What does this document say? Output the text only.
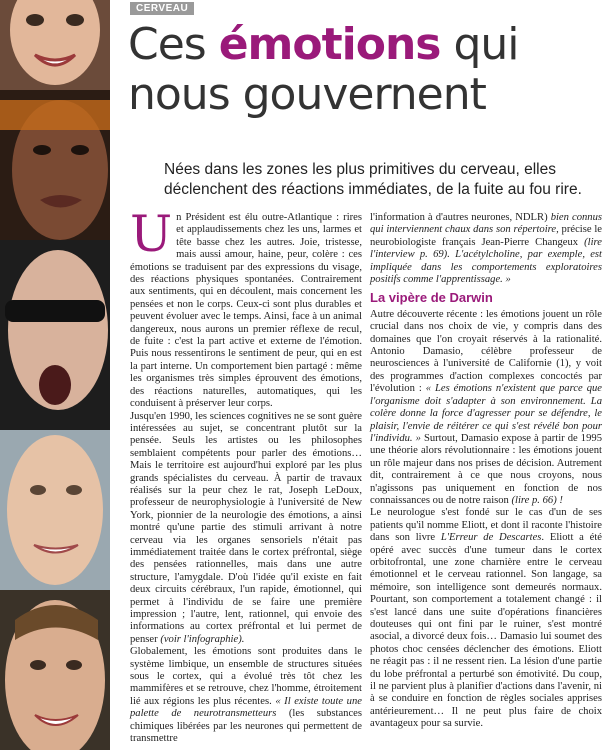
CERVEAU
Ces émotions qui nous gouvernent

Nées dans les zones les plus primitives du cerveau, elles déclenchent des réactions immédiates, de la fuite au fou rire.

Un Président est élu outre-Atlantique : rires et applaudissements chez les uns, larmes et tête basse chez les autres. Joie, tristesse, mais aussi amour, haine, peur, colère : ces émotions se traduisent par des expressions du visage, des réactions physiques spontanées. Contrairement aux sentiments, qui en découlent, mais concernent les pensées et non le corps. Ceux-ci sont plus durables et peuvent évoluer avec le temps. Ainsi, face à un animal dangereux, nous aurons un premier réflexe de recul, de fuite : c'est la part active et externe de l'émotion. Puis nous ressentirons le sentiment de peur, qui en est la part interne. Un comportement bien partagé : même les organismes très simples éprouvent des émotions, des réactions naturelles, automatiques, qui les conduisent à préserver leur corps.

Jusqu'en 1990, les sciences cognitives ne se sont guère intéressées au sujet, se concentrant plutôt sur la pensée. Seuls les artistes ou les philosophes semblaient compétents pour parler des émotions… Mais le territoire est aujourd'hui exploré par les plus grands spécialistes du cerveau. À partir de travaux réalisés sur la peur chez le rat, Joseph LeDoux, professeur de neurophysiologie à l'université de New York, pionnier de la neurologie des émotions, a ainsi montré qu'une partie des stimuli arrivant à notre cerveau via les organes sensoriels n'était pas immédiatement traitée dans le cortex préfrontal, siège des pensées rationnelles, mais dans une autre structure, l'amygdale. D'où l'idée qu'il existe en fait deux circuits cérébraux, l'un rapide, émotionnel, qui permet à l'individu de se faire une première impression ; l'autre, lent, rationnel, qui envoie des informations au cortex préfrontal et lui permet de penser (voir l'infographie).

Globalement, les émotions sont produites dans le système limbique, un ensemble de structures situées sous le cortex, qui a évolué très tôt chez les mammifères et se retrouve, chez l'homme, étroitement lié aux régions les plus récentes. « Il existe toute une palette de neurotransmetteurs (les substances chimiques libérées par les neurones qui permettent de transmettre

l'information à d'autres neurones, NDLR) bien connus qui interviennent chaux dans son répertoire, précise le neurobiologiste français Jean-Pierre Changeux (lire l'interview p. 69). L'acétylcholine, par exemple, est impliquée dans les comportements exploratoires positifs comme l'apprentissage. »

La vipère de Darwin

Autre découverte récente : les émotions jouent un rôle crucial dans nos choix de vie, y compris dans des domaines que l'on croyait réservés à la rationalité. Antonio Damasio, célèbre professeur de neurosciences à l'université de Californie (1), y voit des programmes d'action complexes concoctés par l'évolution : « Les émotions n'existent que parce que l'organisme doit s'adapter à son environnement. La colère donne la force d'agresser pour se défendre, le plaisir, l'envie de réitérer ce qui s'est révélé bon pour l'individu. » Surtout, Damasio expose à partir de 1995 une théorie alors révolutionnaire : les émotions jouent un rôle majeur dans nos prises de décision. Autrement dit, contrairement à ce que nous croyons, nous n'agissons pas uniquement en fonction de nos connaissances ou de notre raison (lire p. 66) !

Le neurologue s'est fondé sur le cas d'un de ses patients qu'il nomme Eliott, et dont il raconte l'histoire dans son livre L'Erreur de Descartes. Eliott a été opéré avec succès d'une tumeur dans le cortex orbitofrontal, une zone charnière entre le cerveau émotionnel et le cerveau rationnel. Son langage, sa mémoire, son intelligence sont demeurés normaux. Pourtant, son comportement a totalement changé : il s'est lancé dans une suite d'opérations financières douteuses qui ont fini par le ruiner, s'est montré asocial, a divorcé deux fois… Damasio lui soumet des photos choc censées déclencher des émotions. Eliott ne réagit pas : il ne ressent rien. La lésion d'une partie du lobe préfrontal a perturbé son émotivité. Du coup, il ne parvient plus à planifier d'actions dans l'avenir, ni à se conduire en fonction de règles sociales apprises antérieurement… Il ne peut plus faire de choix avantageux pour sa survie.
